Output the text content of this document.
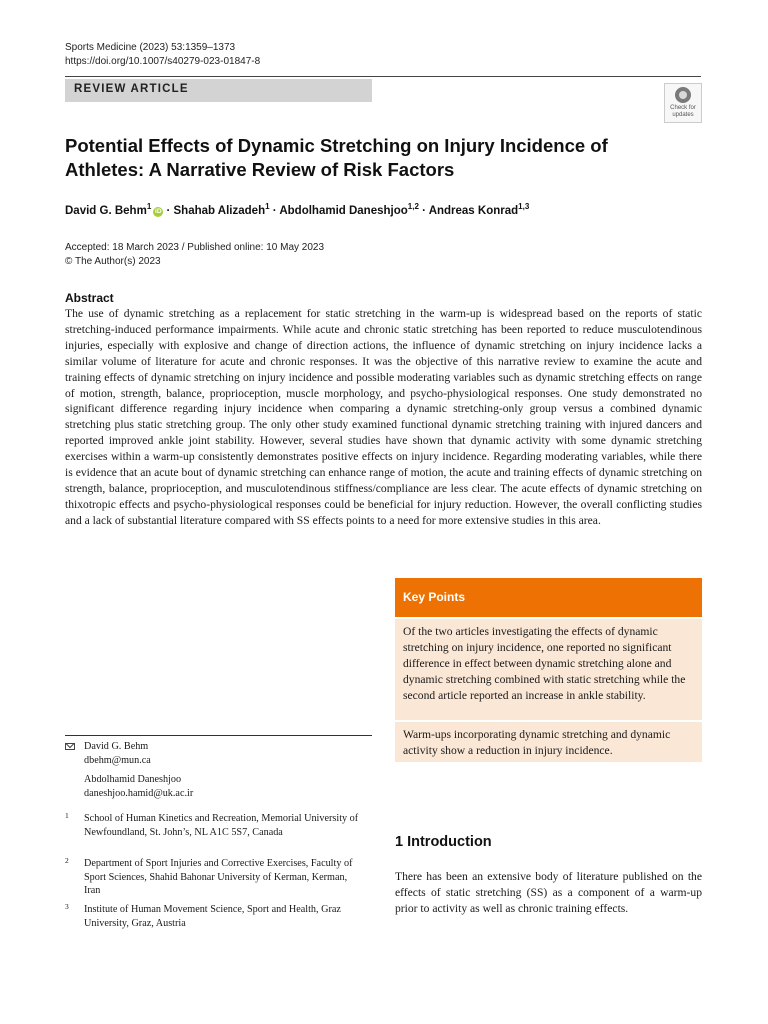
Sports Medicine (2023) 53:1359–1373
https://doi.org/10.1007/s40279-023-01847-8
REVIEW ARTICLE
Check for
updates
Potential Effects of Dynamic Stretching on Injury Incidence of Athletes: A Narrative Review of Risk Factors
David G. Behm$^1$iD · Shahab Alizadeh$^1$ · Abdolhamid Daneshjoo$^{1,2}$ · Andreas Konrad$^{1,3}$
Accepted: 18 March 2023 / Published online: 10 May 2023
© The Author(s) 2023
Abstract
The use of dynamic stretching as a replacement for static stretching in the warm-up is widespread based on the reports of static stretching-induced performance impairments. While acute and chronic static stretching has been reported to reduce musculotendinous injuries, especially with explosive and change of direction actions, the influence of dynamic stretching on injury incidence lacks a similar volume of literature for acute and chronic responses. It was the objective of this narrative review to examine the acute and training effects of dynamic stretching on injury incidence and possible moderating variables such as dynamic stretching effects on range of motion, strength, balance, proprioception, muscle morphology, and psycho-physiological responses. One study demonstrated no significant difference regarding injury incidence when comparing a dynamic stretching-only group versus a combined dynamic stretching plus static stretching group. The only other study examined functional dynamic stretching training with injured dancers and reported improved ankle joint stability. However, several studies have shown that dynamic activity with some dynamic stretching exercises within a warm-up consistently demonstrates positive effects on injury incidence. Regarding moderating variables, while there is evidence that an acute bout of dynamic stretching can enhance range of motion, the acute and training effects of dynamic stretching on strength, balance, proprioception, and musculotendinous stiffness/compliance are less clear. The acute effects of dynamic stretching on thixotropic effects and psycho-physiological responses could be beneficial for injury reduction. However, the overall conflicting studies and a lack of substantial literature compared with SS effects points to a need for more extensive studies in this area.
Key Points
Of the two articles investigating the effects of dynamic stretching on injury incidence, one reported no significant difference in effect between dynamic stretching alone and dynamic stretching combined with static stretching while the second article reported an increase in ankle stability.
Warm-ups incorporating dynamic stretching and dynamic activity show a reduction in injury incidence.
David G. Behm
dbehm@mun.ca
Abdolhamid Daneshjoo
daneshjoo.hamid@uk.ac.ir
1 School of Human Kinetics and Recreation, Memorial University of Newfoundland, St. John’s, NL A1C 5S7, Canada
2 Department of Sport Injuries and Corrective Exercises, Faculty of Sport Sciences, Shahid Bahonar University of Kerman, Kerman, Iran
3 Institute of Human Movement Science, Sport and Health, Graz University, Graz, Austria
1 Introduction
There has been an extensive body of literature published on the effects of static stretching (SS) as a component of a warm-up prior to activity as well as chronic training effects.
